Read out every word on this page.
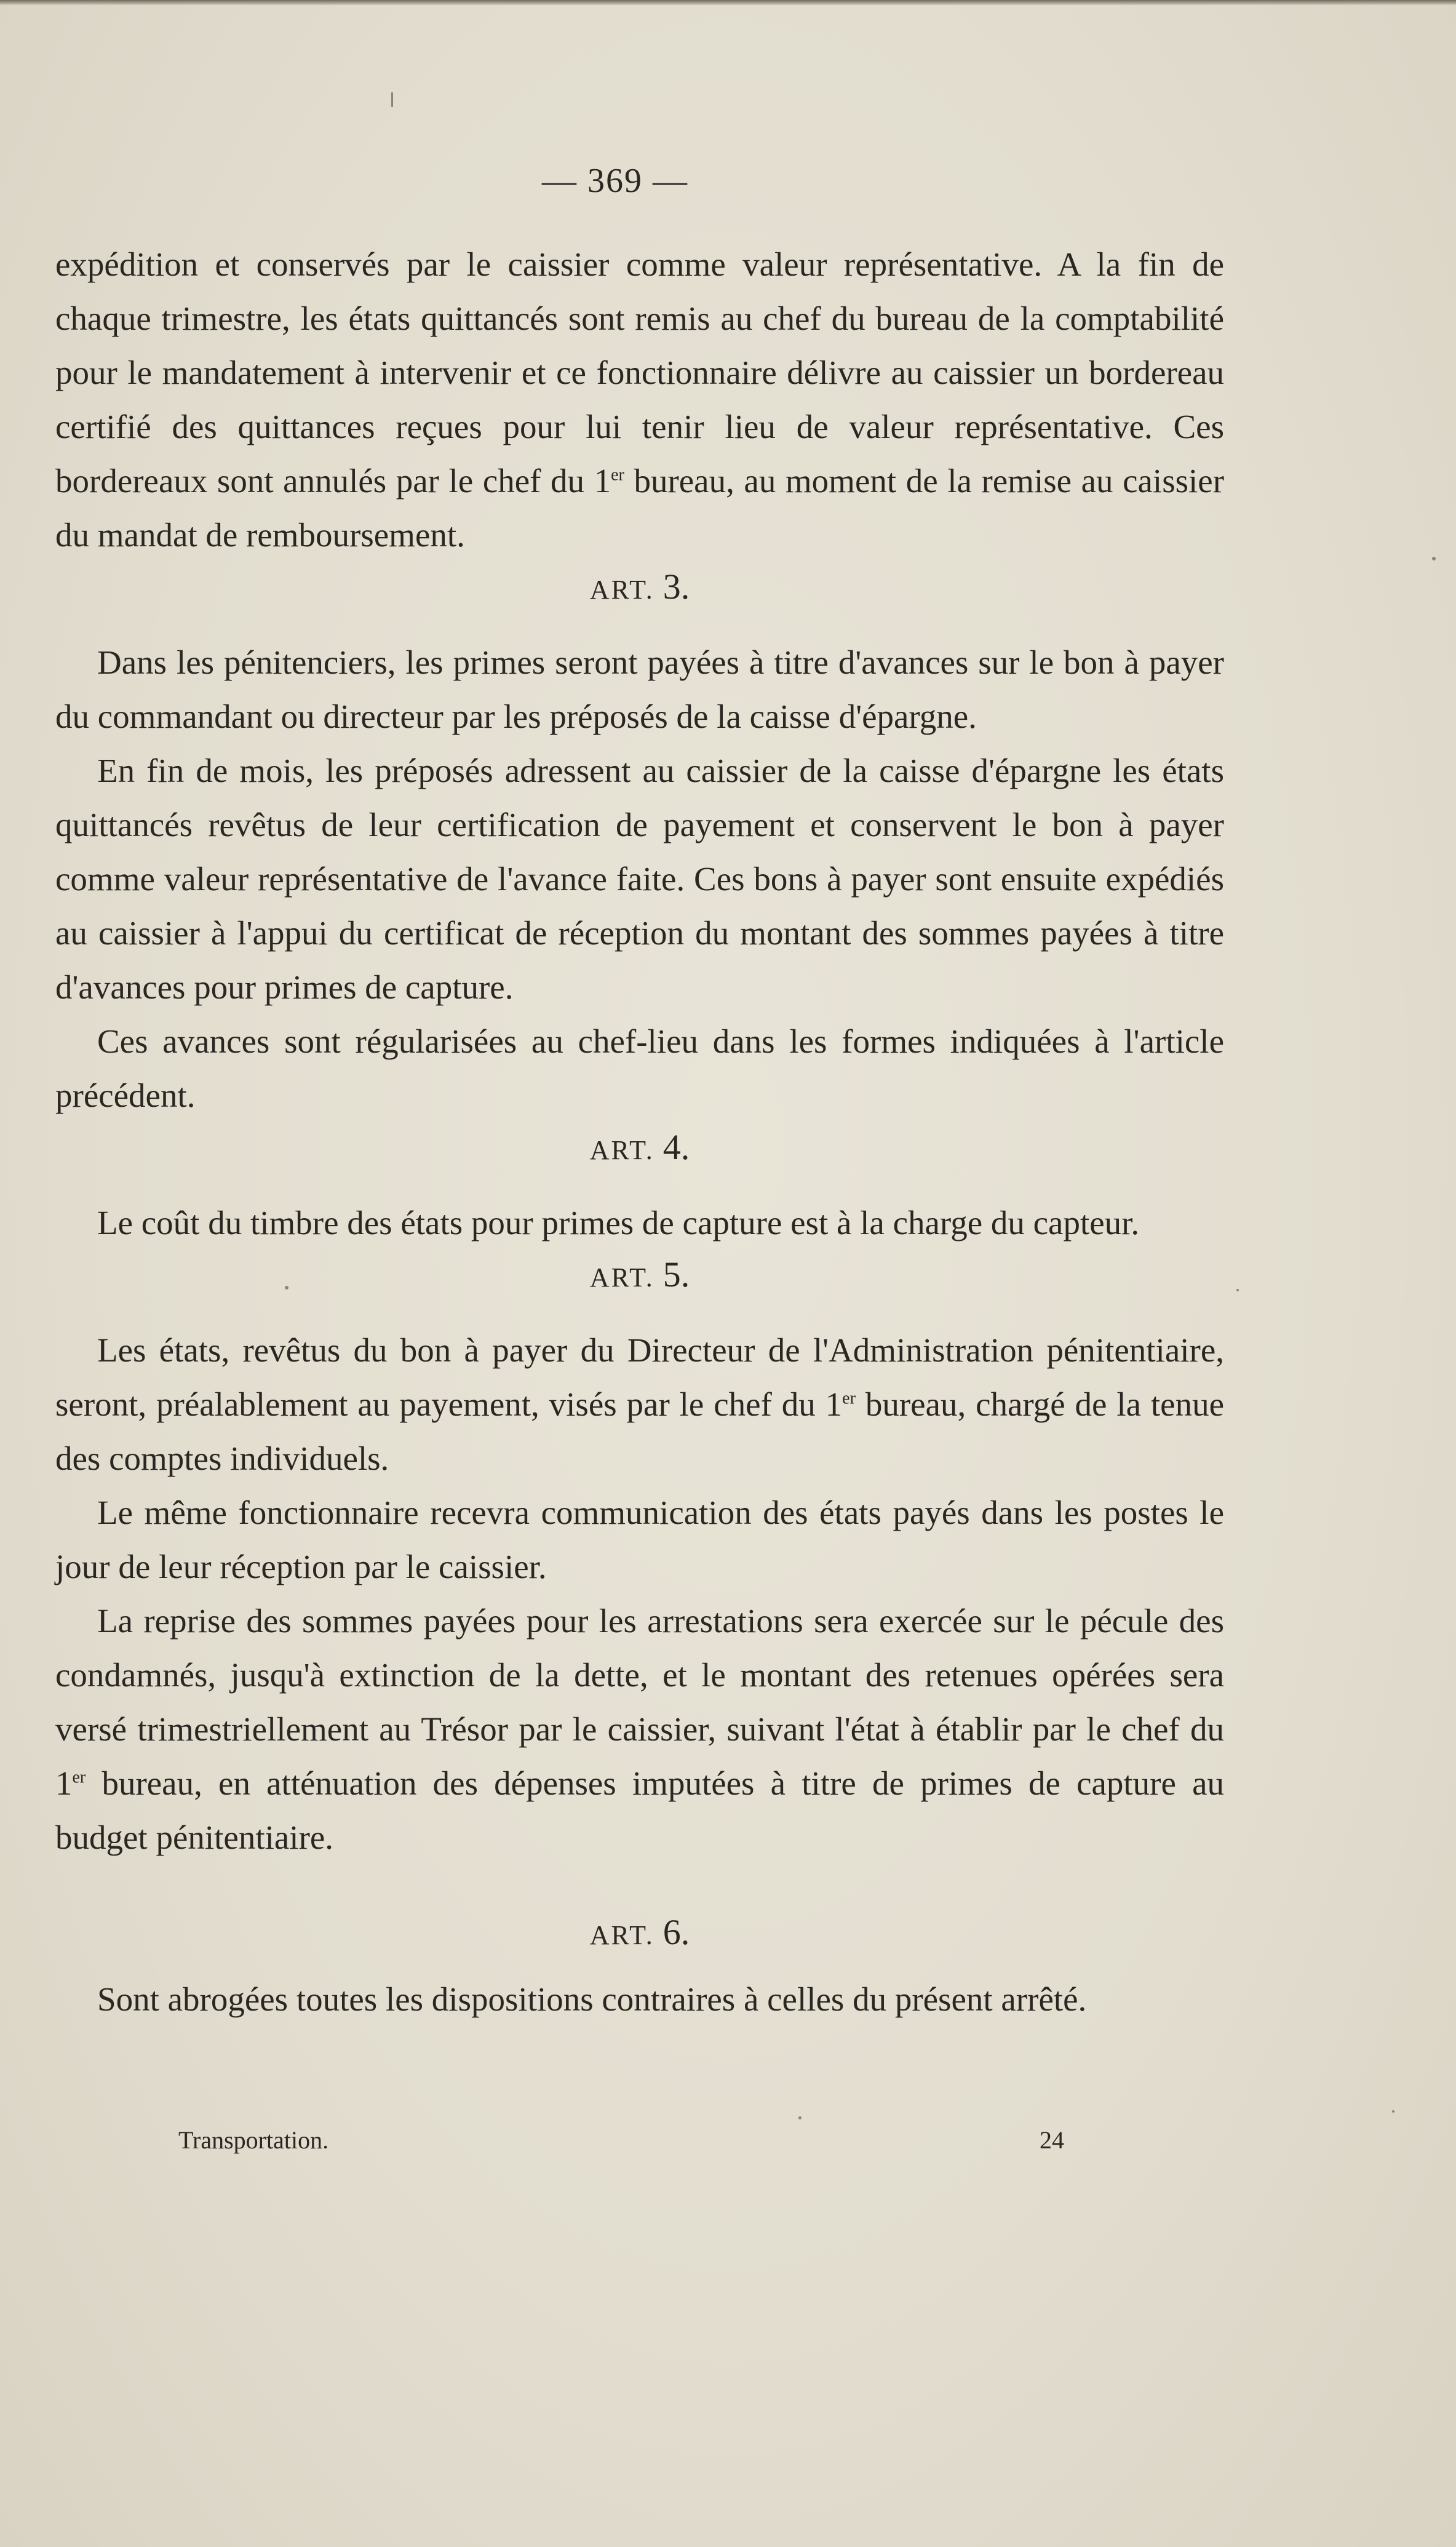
— 369 —

expédition et conservés par le caissier comme valeur représentative. A la fin de chaque trimestre, les états quittancés sont remis au chef du bureau de la comptabilité pour le mandatement à intervenir et ce fonctionnaire délivre au caissier un bordereau certifié des quittances reçues pour lui tenir lieu de valeur représentative. Ces bordereaux sont annulés par le chef du 1er bureau, au moment de la remise au caissier du mandat de remboursement.

ART. 3.

Dans les pénitenciers, les primes seront payées à titre d'avances sur le bon à payer du commandant ou directeur par les préposés de la caisse d'épargne.

En fin de mois, les préposés adressent au caissier de la caisse d'épargne les états quittancés revêtus de leur certification de payement et conservent le bon à payer comme valeur représentative de l'avance faite. Ces bons à payer sont ensuite expédiés au caissier à l'appui du certificat de réception du montant des sommes payées à titre d'avances pour primes de capture.

Ces avances sont régularisées au chef-lieu dans les formes indiquées à l'article précédent.

ART. 4.

Le coût du timbre des états pour primes de capture est à la charge du capteur.

ART. 5.

Les états, revêtus du bon à payer du Directeur de l'Administration pénitentiaire, seront, préalablement au payement, visés par le chef du 1er bureau, chargé de la tenue des comptes individuels.

Le même fonctionnaire recevra communication des états payés dans les postes le jour de leur réception par le caissier.

La reprise des sommes payées pour les arrestations sera exercée sur le pécule des condamnés, jusqu'à extinction de la dette, et le montant des retenues opérées sera versé trimestriellement au Trésor par le caissier, suivant l'état à établir par le chef du 1er bureau, en atténuation des dépenses imputées à titre de primes de capture au budget pénitentiaire.

ART. 6.

Sont abrogées toutes les dispositions contraires à celles du présent arrêté.

Transportation.	24
